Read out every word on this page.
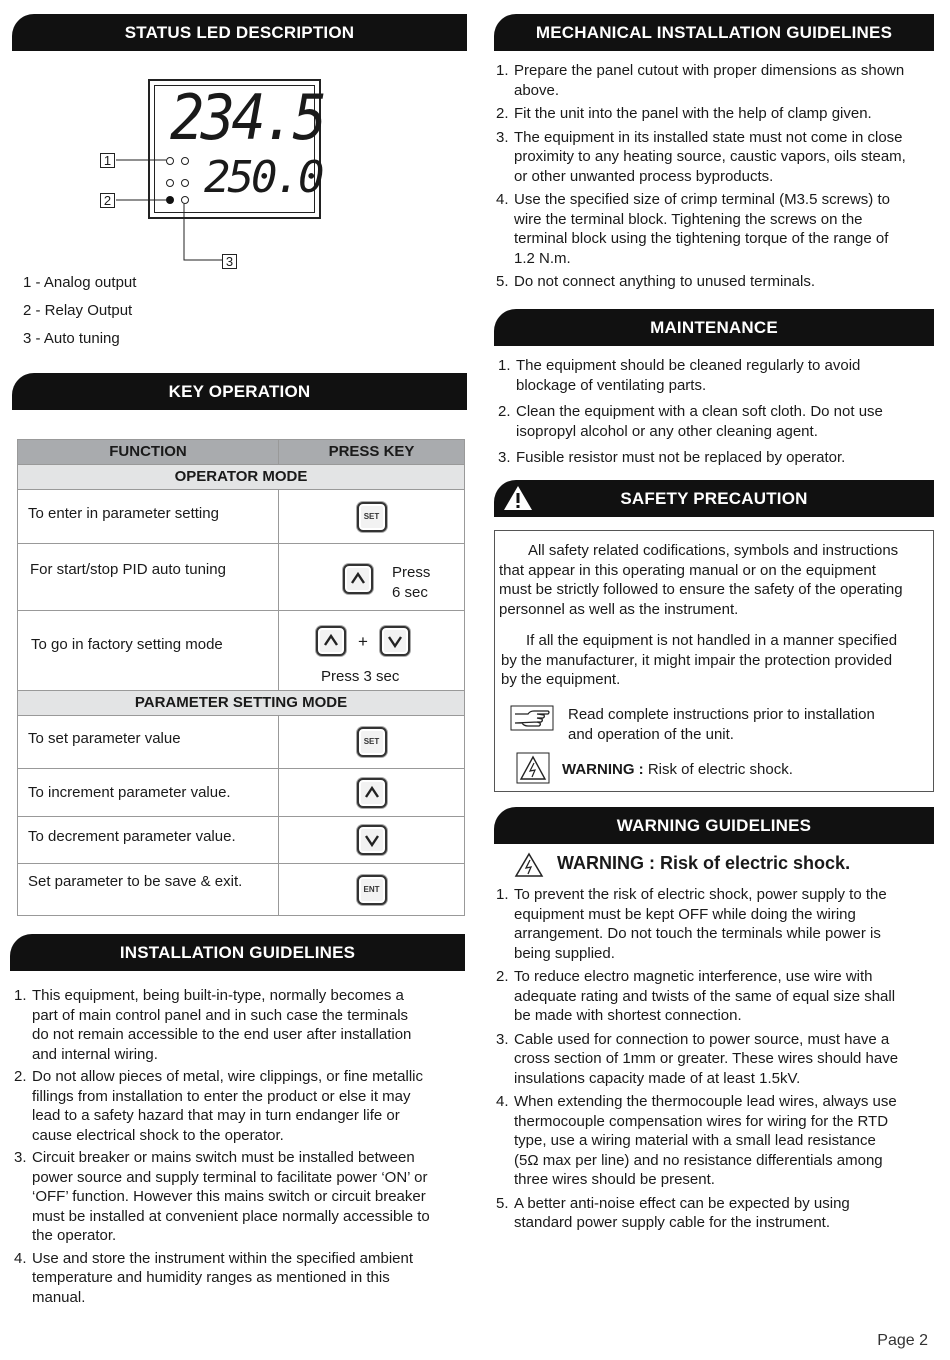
STATUS LED DESCRIPTION
234.5
250.0
1
2
3
1 - Analog output
2 - Relay Output
3 - Auto tuning
KEY OPERATION
FUNCTION	PRESS KEY
OPERATOR MODE	
To enter in parameter setting	SET
For start/stop PID auto tuning	Press
6 sec

To go in factory setting mode	+
Press 3 sec

PARAMETER SETTING MODE	
To set parameter value	SET
To increment parameter value.	

To decrement parameter value.	

Set parameter to be save & exit.	ENT
INSTALLATION GUIDELINES
1. This equipment, being built-in-type, normally becomes a
part of main control panel and in such case the terminals
do not remain accessible to the end user after installation
and internal wiring.
2. Do not allow pieces of metal, wire clippings, or fine metallic
fillings from installation to enter the product or else it may
lead to a safety hazard that may in turn endanger life or
cause electrical shock to the operator.
3. Circuit breaker or mains switch must be installed between
power source and supply terminal to facilitate power ‘ON’ or
‘OFF’ function. However this mains switch or circuit breaker
must be installed at convenient place normally accessible to
the operator.
4. Use and store the instrument within the specified ambient
temperature and humidity ranges as mentioned in this
manual.
MECHANICAL INSTALLATION GUIDELINES
1. Prepare the panel cutout with proper dimensions as shown
above.
2. Fit the unit into the panel with the help of clamp given.
3. The equipment in its installed state must not come in close
proximity to any heating source, caustic vapors, oils steam,
or other unwanted process byproducts.
4. Use the specified size of crimp terminal (M3.5 screws) to
wire the terminal block. Tightening the screws on the
terminal block using the tightening torque of the range of
1.2 N.m.
5. Do not connect anything to unused terminals.
MAINTENANCE
1. The equipment should be cleaned regularly to avoid
blockage of ventilating parts.
2. Clean the equipment with a clean soft cloth. Do not use
isopropyl alcohol or any other cleaning agent.
3. Fusible resistor must not be replaced by operator.
SAFETY PRECAUTION
All safety related codifications, symbols and instructions
that appear in this operating manual or on the equipment
must be strictly followed to ensure the safety of the operating
personnel as well as the instrument.
If all the equipment is not handled in a manner specified
by the manufacturer, it might impair the protection provided
by the equipment.
Read complete instructions prior to installation
and operation of the unit.
WARNING : Risk of electric shock.
WARNING GUIDELINES
WARNING : Risk of electric shock.
1. To prevent the risk of electric shock, power supply to the
equipment must be kept OFF while doing the wiring
arrangement. Do not touch the terminals while power is
being supplied.
2. To reduce electro magnetic interference, use wire with
adequate rating and twists of the same of equal size shall
be made with shortest connection.
3. Cable used for connection to power source, must have a
cross section of 1mm or greater. These wires should have
insulations capacity made of at least 1.5kV.
4. When extending the thermocouple lead wires, always use
thermocouple compensation wires for wiring for the RTD
type, use a wiring material with a small lead resistance
(5Ω max per line) and no resistance differentials among
three wires should be present.
5. A better anti-noise effect can be expected by using
standard power supply cable for the instrument.
Page 2
